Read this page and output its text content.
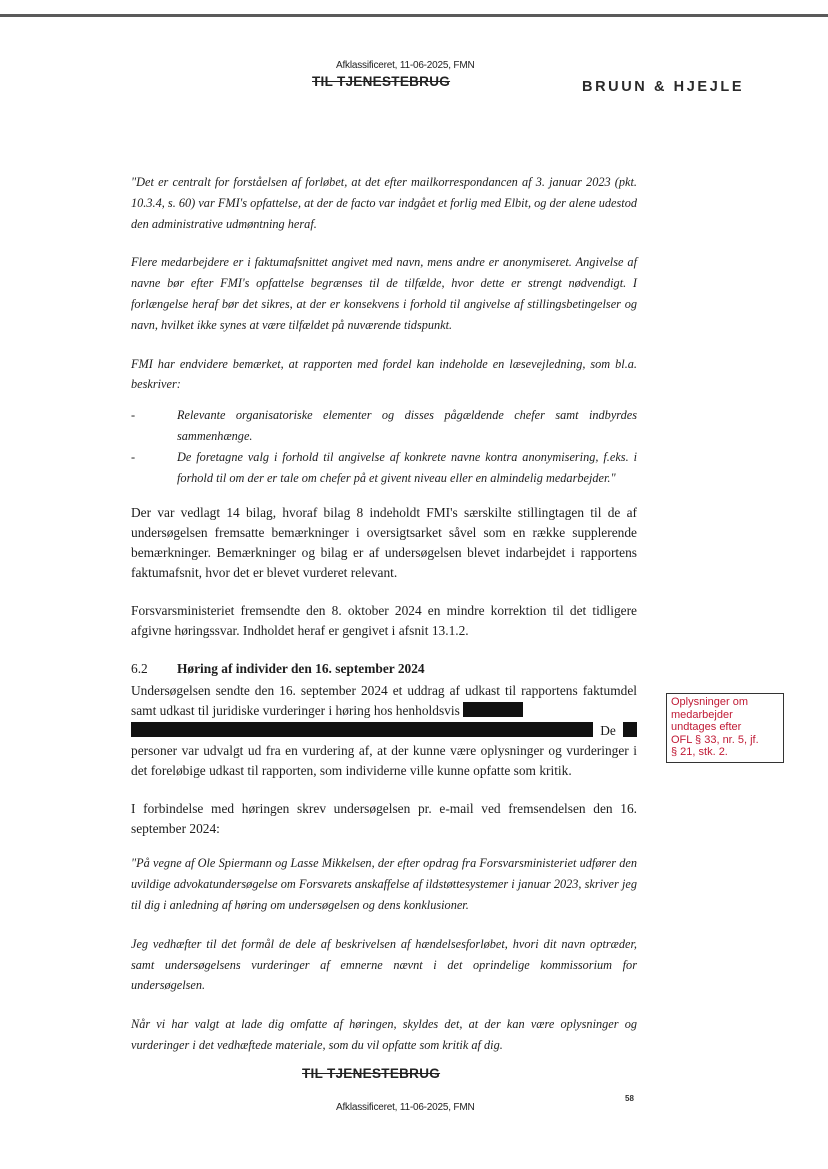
Afklassificeret, 11-06-2025, FMN
TIL TJENESTEBRUG	BRUUN & HJEJLE

"Det er centralt for forståelsen af forløbet, at det efter mailkorrespondancen af 3. januar 2023 (pkt. 10.3.4, s. 60) var FMI's opfattelse, at der de facto var indgået et forlig med Elbit, og der alene udestod den administrative udmøntning heraf.

Flere medarbejdere er i faktumafsnittet angivet med navn, mens andre er anonymiseret. Angivelse af navne bør efter FMI's opfattelse begrænses til de tilfælde, hvor dette er strengt nødvendigt. I forlængelse heraf bør det sikres, at der er konsekvens i forhold til angivelse af stillingsbetingelser og navn, hvilket ikke synes at være tilfældet på nuværende tidspunkt.

FMI har endvidere bemærket, at rapporten med fordel kan indeholde en læsevejledning, som bl.a. beskriver:

-	Relevante organisatoriske elementer og disses pågældende chefer samt indbyrdes sammenhænge.
-	De foretagne valg i forhold til angivelse af konkrete navne kontra anonymisering, f.eks. i forhold til om der er tale om chefer på et givent niveau eller en almindelig medarbejder."

Der var vedlagt 14 bilag, hvoraf bilag 8 indeholdt FMI's særskilte stillingtagen til de af undersøgelsen fremsatte bemærkninger i oversigtsarket såvel som en række supplerende bemærkninger. Bemærkninger og bilag er af undersøgelsen blevet indarbejdet i rapportens faktumafsnit, hvor det er blevet vurderet relevant.

Forsvarsministeriet fremsendte den 8. oktober 2024 en mindre korrektion til det tidligere afgivne høringssvar. Indholdet heraf er gengivet i afsnit 13.1.2.

6.2	Høring af individer den 16. september 2024

Undersøgelsen sendte den 16. september 2024 et uddrag af udkast til rapportens faktumdel samt udkast til juridiske vurderinger i høring hos henholdsvis
De  personer var udvalgt ud fra en vurdering af, at der kunne være oplysninger og vurderinger i det foreløbige udkast til rapporten, som individerne ville kunne opfatte som kritik.

I forbindelse med høringen skrev undersøgelsen pr. e-mail ved fremsendelsen den 16. september 2024:

"På vegne af Ole Spiermann og Lasse Mikkelsen, der efter opdrag fra Forsvarsministeriet udfører den uvildige advokatundersøgelse om Forsvarets anskaffelse af ildstøttesystemer i januar 2023, skriver jeg til dig i anledning af høring om undersøgelsen og dens konklusioner.

Jeg vedhæfter til det formål de dele af beskrivelsen af hændelsesforløbet, hvori dit navn optræder, samt undersøgelsens vurderinger af emnerne nævnt i det oprindelige kommissorium for undersøgelsen.

Når vi har valgt at lade dig omfatte af høringen, skyldes det, at der kan være oplysninger og vurderinger i det vedhæftede materiale, som du vil opfatte som kritik af dig.

Oplysninger om
medarbejder
undtages efter
OFL § 33, nr. 5, jf.
§ 21, stk. 2.
TIL TJENESTEBRUG
58
Afklassificeret, 11-06-2025, FMN
